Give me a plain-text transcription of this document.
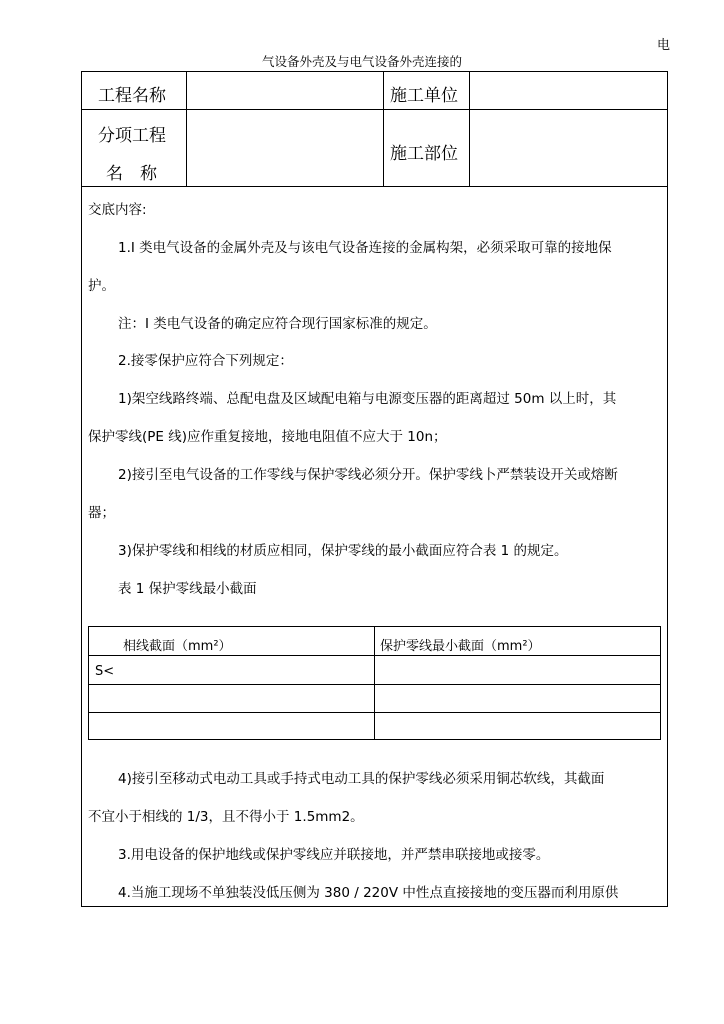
电
气设备外壳及与电气设备外壳连接的
工程名称	施工单位
分项工程
名　称
施工部位
交底内容:
1.I 类电气设备的金属外壳及与该电气设备连接的金属构架，必须采取可靠的接地保
护。
注：I 类电气设备的确定应符合现行国家标准的规定。
2.接零保护应符合下列规定：
1)架空线路终端、总配电盘及区域配电箱与电源变压器的距离超过 50m 以上时，其
保护零线(PE 线)应作重复接地，接地电阻值不应大于 10n；
2)接引至电气设备的工作零线与保护零线必须分开。保护零线卜严禁装设开关或熔断
器；
3)保护零线和相线的材质应相同，保护零线的最小截面应符合表 1 的规定。
表 1 保护零线最小截面
相线截面（mm²）	保护零线最小截面（mm²）
S<
4)接引至移动式电动工具或手持式电动工具的保护零线必须采用铜芯软线，其截面
不宜小于相线的 1/3，且不得小于 1.5mm2。
3.用电设备的保护地线或保护零线应并联接地，并严禁串联接地或接零。
4.当施工现场不单独装没低压侧为 380 / 220V 中性点直接接地的变压器而利用原供
